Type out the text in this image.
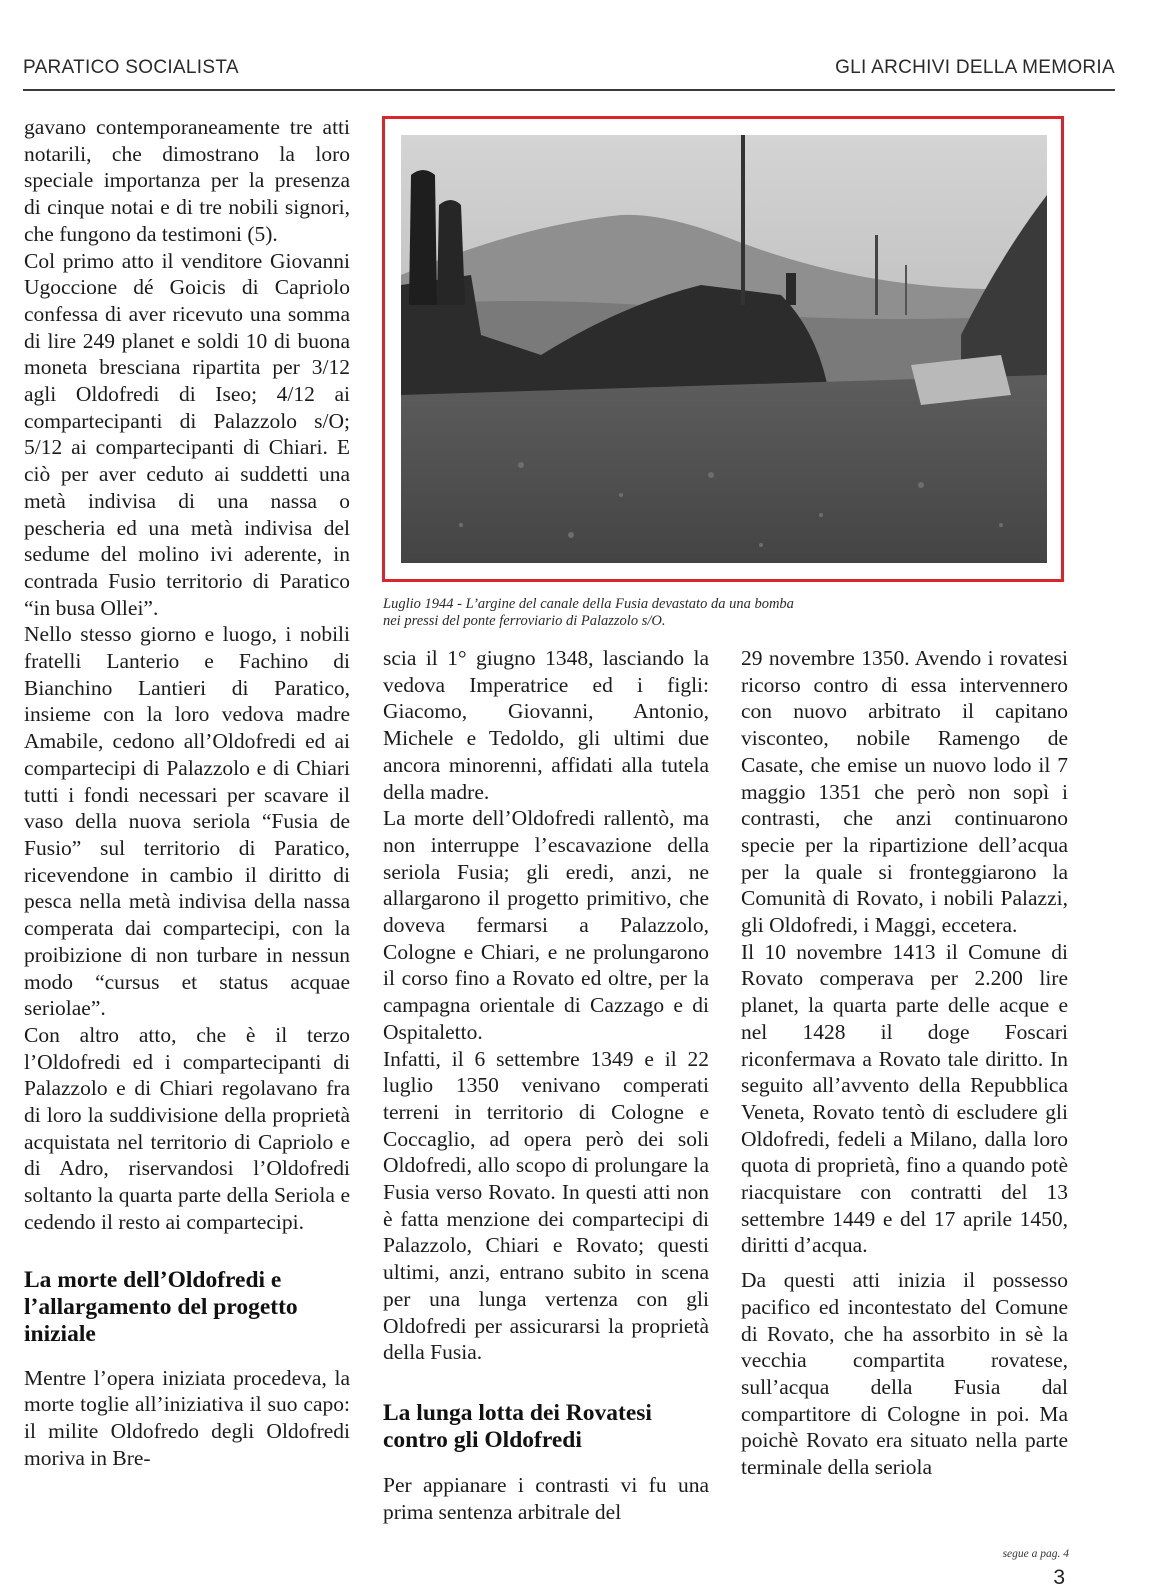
PARATICO SOCIALISTA	GLI ARCHIVI DELLA MEMORIA

gavano contemporaneamente tre atti notarili, che dimostrano la loro speciale importanza per la presenza di cinque notai e di tre nobili signori, che fungono da testimoni (5).

Col primo atto il venditore Giovanni Ugoccione dé Goicis di Capriolo confessa di aver ricevuto una somma di lire 249 planet e soldi 10 di buona moneta bresciana ripartita per 3/12 agli Oldofredi di Iseo; 4/12 ai compartecipanti di Palazzolo s/O; 5/12 ai compartecipanti di Chiari. E ciò per aver ceduto ai suddetti una metà indivisa di una nassa o pescheria ed una metà indivisa del sedume del molino ivi aderente, in contrada Fusio territorio di Paratico “in busa Ollei”.

Nello stesso giorno e luogo, i nobili fratelli Lanterio e Fachino di Bianchino Lantieri di Paratico, insieme con la loro vedova madre Amabile, cedono all’Oldofredi ed ai compartecipi di Palazzolo e di Chiari tutti i fondi necessari per scavare il vaso della nuova seriola “Fusia de Fusio” sul territorio di Paratico, ricevendone in cambio il diritto di pesca nella metà indivisa della nassa comperata dai compartecipi, con la proibizione di non turbare in nessun modo “cursus et status acquae seriolae”.

Con altro atto, che è il terzo l’Oldofredi ed i compartecipanti di Palazzolo e di Chiari regolavano fra di loro la suddivisione della proprietà acquistata nel territorio di Capriolo e di Adro, riservandosi l’Oldofredi soltanto la quarta parte della Seriola e cedendo il resto ai compartecipi.

La morte dell’Oldofredi e l’allargamento del progetto iniziale

Mentre l’opera iniziata procedeva, la morte toglie all’iniziativa il suo capo: il milite Oldofredo degli Oldofredi moriva in Bre-

Luglio 1944 - L’argine del canale della Fusia devastato da una bomba
nei pressi del ponte ferroviario di Palazzolo s/O.

scia il 1° giugno 1348, lasciando la vedova Imperatrice ed i figli: Giacomo, Giovanni, Antonio, Michele e Tedoldo, gli ultimi due ancora minorenni, affidati alla tutela della madre.

La morte dell’Oldofredi rallentò, ma non interruppe l’escavazione della seriola Fusia; gli eredi, anzi, ne allargarono il progetto primitivo, che doveva fermarsi a Palazzolo, Cologne e Chiari, e ne prolungarono il corso fino a Rovato ed oltre, per la campagna orientale di Cazzago e di Ospitaletto.

Infatti, il 6 settembre 1349 e il 22 luglio 1350 venivano comperati terreni in territorio di Cologne e Coccaglio, ad opera però dei soli Oldofredi, allo scopo di prolungare la Fusia verso Rovato. In questi atti non è fatta menzione dei compartecipi di Palazzolo, Chiari e Rovato; questi ultimi, anzi, entrano subito in scena per una lunga vertenza con gli Oldofredi per assicurarsi la proprietà della Fusia.

La lunga lotta dei Rovatesi contro gli Oldofredi

Per appianare i contrasti vi fu una prima sentenza arbitrale del

29 novembre 1350. Avendo i rovatesi ricorso contro di essa intervennero con nuovo arbitrato il capitano visconteo, nobile Ramengo de Casate, che emise un nuovo lodo il 7 maggio 1351 che però non sopì i contrasti, che anzi continuarono specie per la ripartizione dell’acqua per la quale si fronteggiarono la Comunità di Rovato, i nobili Palazzi, gli Oldofredi, i Maggi, eccetera.

Il 10 novembre 1413 il Comune di Rovato comperava per 2.200 lire planet, la quarta parte delle acque e nel 1428 il doge Foscari riconfermava a Rovato tale diritto. In seguito all’avvento della Repubblica Veneta, Rovato tentò di escludere gli Oldofredi, fedeli a Milano, dalla loro quota di proprietà, fino a quando potè riacquistare con contratti del 13 settembre 1449 e del 17 aprile 1450, diritti d’acqua.

Da questi atti inizia il possesso pacifico ed incontestato del Comune di Rovato, che ha assorbito in sè la vecchia compartita rovatese, sull’acqua della Fusia dal compartitore di Cologne in poi. Ma poichè Rovato era situato nella parte terminale della seriola

segue a pag. 4
3
